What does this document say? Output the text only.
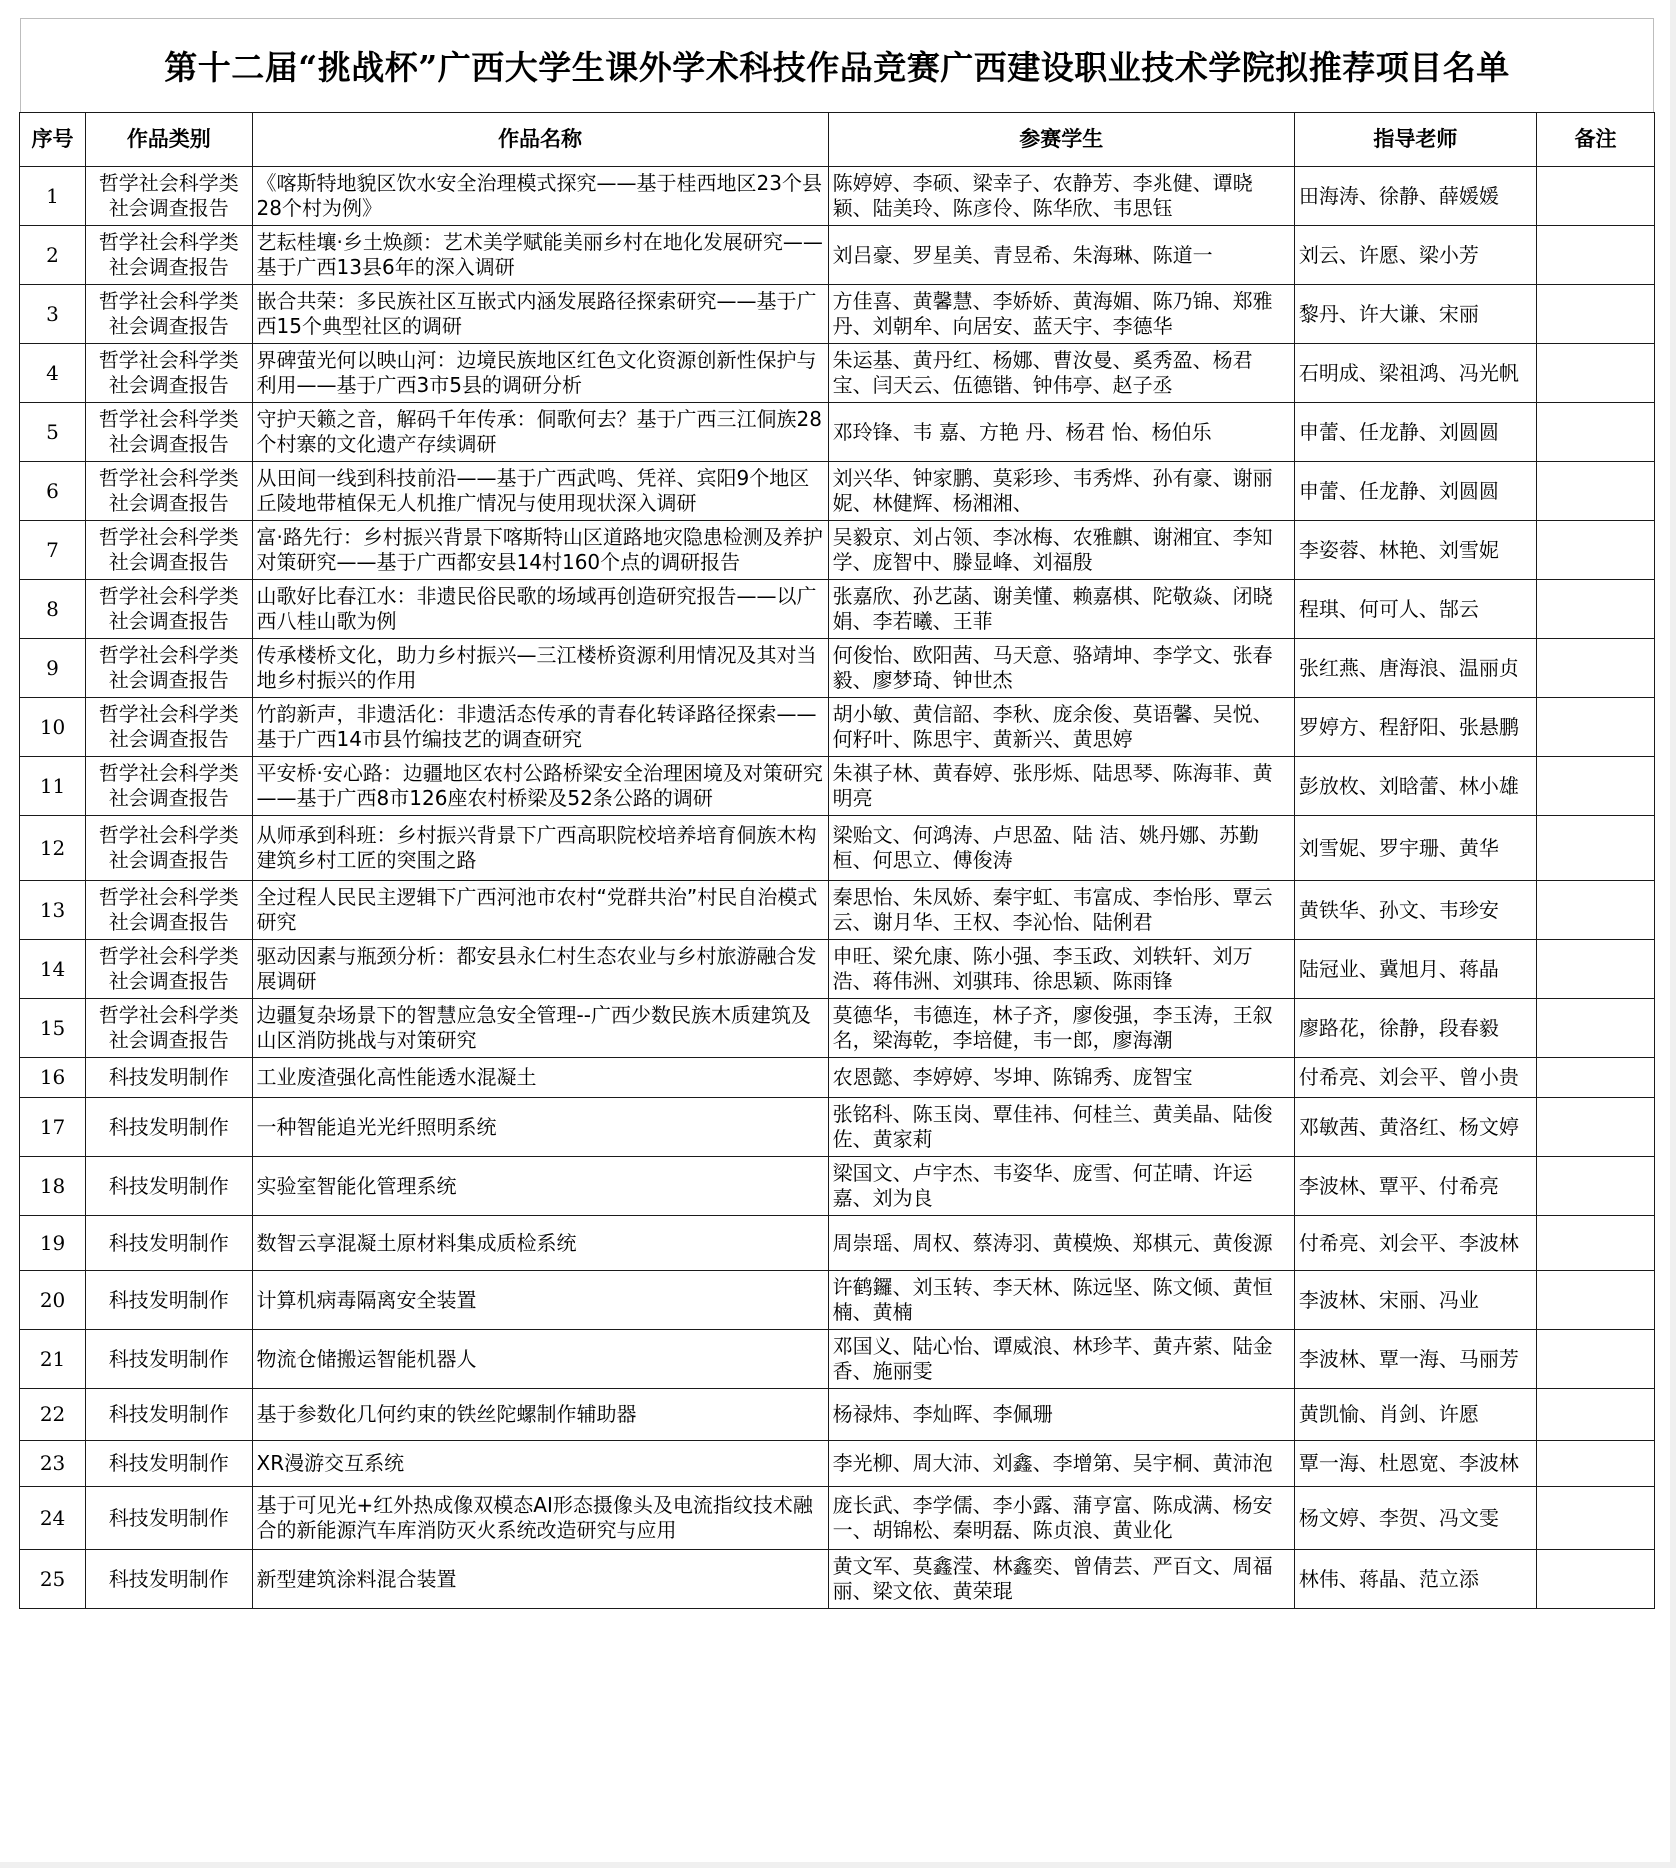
第十二届“挑战杯”广西大学生课外学术科技作品竞赛广西建设职业技术学院拟推荐项目名单
序号	作品类别	作品名称	参赛学生	指导老师	备注
1	哲学社会科学类社会调查报告	《喀斯特地貌区饮水安全治理模式探究——基于桂西地区23个县28个村为例》	陈婷婷、李硕、梁幸子、农静芳、李兆健、谭晓颖、陆美玲、陈彦伶、陈华欣、韦思钰	田海涛、徐静、薛媛媛	
2	哲学社会科学类社会调查报告	艺耘桂壤·乡土焕颜：艺术美学赋能美丽乡村在地化发展研究——基于广西13县6年的深入调研	刘吕豪、罗星美、青昱希、朱海琳、陈道一	刘云、许愿、梁小芳	
3	哲学社会科学类社会调查报告	嵌合共荣：多民族社区互嵌式内涵发展路径探索研究——基于广西15个典型社区的调研	方佳喜、黄馨慧、李娇娇、黄海媚、陈乃锦、郑雅丹、刘朝牟、向居安、蓝天宇、李德华	黎丹、许大谦、宋丽	
4	哲学社会科学类社会调查报告	界碑萤光何以映山河：边境民族地区红色文化资源创新性保护与利用——基于广西3市5县的调研分析	朱运基、黄丹红、杨娜、曹汝曼、奚秀盈、杨君宝、闫天云、伍德锴、钟伟亭、赵子丞	石明成、梁祖鸿、冯光帆	
5	哲学社会科学类社会调查报告	守护天籁之音，解码千年传承：侗歌何去？基于广西三江侗族28个村寨的文化遗产存续调研	邓玲锋、韦 嘉、方艳 丹、杨君 怡、杨伯乐	申蕾、任龙静、刘圆圆	
6	哲学社会科学类社会调查报告	从田间一线到科技前沿——基于广西武鸣、凭祥、宾阳9个地区丘陵地带植保无人机推广情况与使用现状深入调研	刘兴华、钟家鹏、莫彩珍、韦秀烨、孙有豪、谢丽妮、林健辉、杨湘湘、	申蕾、任龙静、刘圆圆	
7	哲学社会科学类社会调查报告	富·路先行：乡村振兴背景下喀斯特山区道路地灾隐患检测及养护对策研究——基于广西都安县14村160个点的调研报告	吴毅京、刘占领、李冰梅、农雅麒、谢湘宜、李知学、庞智中、滕显峰、刘福殷	李姿蓉、林艳、刘雪妮	
8	哲学社会科学类社会调查报告	山歌好比春江水：非遗民俗民歌的场域再创造研究报告——以广西八桂山歌为例	张嘉欣、孙艺菡、谢美懂、赖嘉棋、陀敬焱、闭晓娟、李若曦、王菲	程琪、何可人、郜云	
9	哲学社会科学类社会调查报告	传承楼桥文化，助力乡村振兴—三江楼桥资源利用情况及其对当地乡村振兴的作用	何俊怡、欧阳茜、马天意、骆靖坤、李学文、张春毅、廖梦琦、钟世杰	张红燕、唐海浪、温丽贞	
10	哲学社会科学类社会调查报告	竹韵新声，非遗活化：非遗活态传承的青春化转译路径探索——基于广西14市县竹编技艺的调查研究	胡小敏、黄信韶、李秋、庞余俊、莫语馨、吴悦、何籽叶、陈思宇、黄新兴、黄思婷	罗婷方、程舒阳、张悬鹏	
11	哲学社会科学类社会调查报告	平安桥·安心路：边疆地区农村公路桥梁安全治理困境及对策研究——基于广西8市126座农村桥梁及52条公路的调研	朱祺子林、黄春婷、张彤烁、陆思琴、陈海菲、黄明亮	彭放枚、刘晗蕾、林小雄	
12	哲学社会科学类社会调查报告	从师承到科班：乡村振兴背景下广西高职院校培养培育侗族木构建筑乡村工匠的突围之路	梁贻文、何鸿涛、卢思盈、陆 洁、姚丹娜、苏勤桓、何思立、傅俊涛	刘雪妮、罗宇珊、黄华	
13	哲学社会科学类社会调查报告	全过程人民民主逻辑下广西河池市农村“党群共治”村民自治模式研究	秦思怡、朱凤娇、秦宇虹、韦富成、李怡彤、覃云云、谢月华、王权、李沁怡、陆俐君	黄铁华、孙文、韦珍安	
14	哲学社会科学类社会调查报告	驱动因素与瓶颈分析：都安县永仁村生态农业与乡村旅游融合发展调研	申旺、梁允康、陈小强、李玉政、刘轶轩、刘万浩、蒋伟洲、刘骐玮、徐思颖、陈雨锋	陆冠业、冀旭月、蒋晶	
15	哲学社会科学类社会调查报告	边疆复杂场景下的智慧应急安全管理--广西少数民族木质建筑及山区消防挑战与对策研究	莫德华，韦德连，林子齐，廖俊强，李玉涛，王叙名，梁海乾，李培健，韦一郎，廖海潮	廖路花，徐静，段春毅	
16	科技发明制作	工业废渣强化高性能透水混凝土	农恩懿、李婷婷、岑坤、陈锦秀、庞智宝	付希亮、刘会平、曾小贵	
17	科技发明制作	一种智能追光光纤照明系统	张铭科、陈玉岗、覃佳祎、何桂兰、黄美晶、陆俊佐、黄家莉	邓敏茜、黄洛红、杨文婷	
18	科技发明制作	实验室智能化管理系统	梁国文、卢宇杰、韦姿华、庞雪、何芷晴、许运嘉、刘为良	李波林、覃平、付希亮	
19	科技发明制作	数智云享混凝土原材料集成质检系统	周崇瑶、周权、蔡涛羽、黄模焕、郑棋元、黄俊源	付希亮、刘会平、李波林	
20	科技发明制作	计算机病毒隔离安全装置	许鹤鑼、刘玉转、李天林、陈远坚、陈文倾、黄恒楠、黄楠	李波林、宋丽、冯业	
21	科技发明制作	物流仓储搬运智能机器人	邓国义、陆心怡、谭威浪、林珍芊、黄卉萦、陆金香、施丽雯	李波林、覃一海、马丽芳	
22	科技发明制作	基于参数化几何约束的铁丝陀螺制作辅助器	杨禄炜、李灿晖、李佩珊	黄凯愉、肖剑、许愿	
23	科技发明制作	XR漫游交互系统	李光柳、周大沛、刘鑫、李增第、吴宇桐、黄沛泡	覃一海、杜恩宽、李波林	
24	科技发明制作	基于可见光+红外热成像双模态AI形态摄像头及电流指纹技术融合的新能源汽车库消防灭火系统改造研究与应用	庞长武、李学儒、李小露、蒲亨富、陈成满、杨安一、胡锦松、秦明磊、陈贞浪、黄业化	杨文婷、李贺、冯文雯	
25	科技发明制作	新型建筑涂料混合装置	黄文军、莫鑫滢、林鑫奕、曾倩芸、严百文、周福丽、梁文依、黄荣琨	林伟、蒋晶、范立添	
